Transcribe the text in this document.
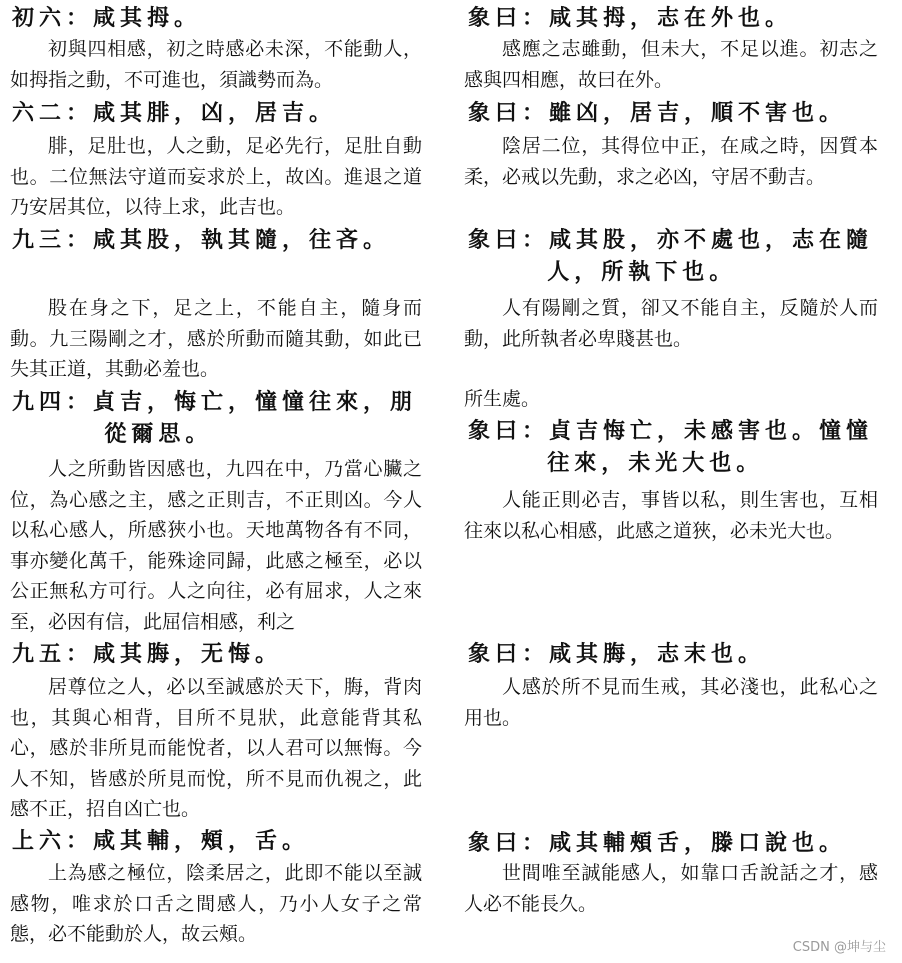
初六：咸其拇。
初與四相感，初之時感必未深，不能動人，如拇指之動，不可進也，須識勢而為。
六二：咸其腓，凶，居吉。
腓，足肚也，人之動，足必先行，足肚自動也。二位無法守道而妄求於上，故凶。進退之道乃安居其位，以待上求，此吉也。
九三：咸其股，執其隨，往吝。
股在身之下，足之上，不能自主，隨身而動。九三陽剛之才，感於所動而隨其動，如此已失其正道，其動必羞也。
九四：貞吉，悔亡，憧憧往來，朋
從爾思。
人之所動皆因感也，九四在中，乃當心臟之位，為心感之主，感之正則吉，不正則凶。今人以私心感人，所感狹小也。天地萬物各有不同，事亦變化萬千，能殊途同歸，此感之極至，必以公正無私方可行。人之向往，必有屈求，人之來至，必因有信，此屈信相感，利之
九五：咸其脢，无悔。
居尊位之人，必以至誠感於天下，脢，背肉也，其與心相背，目所不見狀，此意能背其私心，感於非所見而能悅者，以人君可以無悔。今人不知，皆感於所見而悅，所不見而仇視之，此感不正，招自凶亡也。
上六：咸其輔，頰，舌。
上為感之極位，陰柔居之，此即不能以至誠感物，唯求於口舌之間感人，乃小人女子之常態，必不能動於人，故云頰。
象曰：咸其拇，志在外也。
感應之志雖動，但未大，不足以進。初志之感與四相應，故曰在外。
象曰：雖凶，居吉，順不害也。
陰居二位，其得位中正，在咸之時，因質本柔，必戒以先動，求之必凶，守居不動吉。
象曰：咸其股，亦不處也，志在隨
人，所執下也。
人有陽剛之質，卻又不能自主，反隨於人而動，此所執者必卑賤甚也。
所生處。
象曰：貞吉悔亡，未感害也。憧憧
往來，未光大也。
人能正則必吉，事皆以私，則生害也，互相往來以私心相感，此感之道狹，必未光大也。
象曰：咸其脢，志末也。
人感於所不見而生戒，其必淺也，此私心之用也。
象曰：咸其輔頰舌，滕口說也。
世間唯至誠能感人，如靠口舌說話之才，感人必不能長久。
CSDN @坤与尘
